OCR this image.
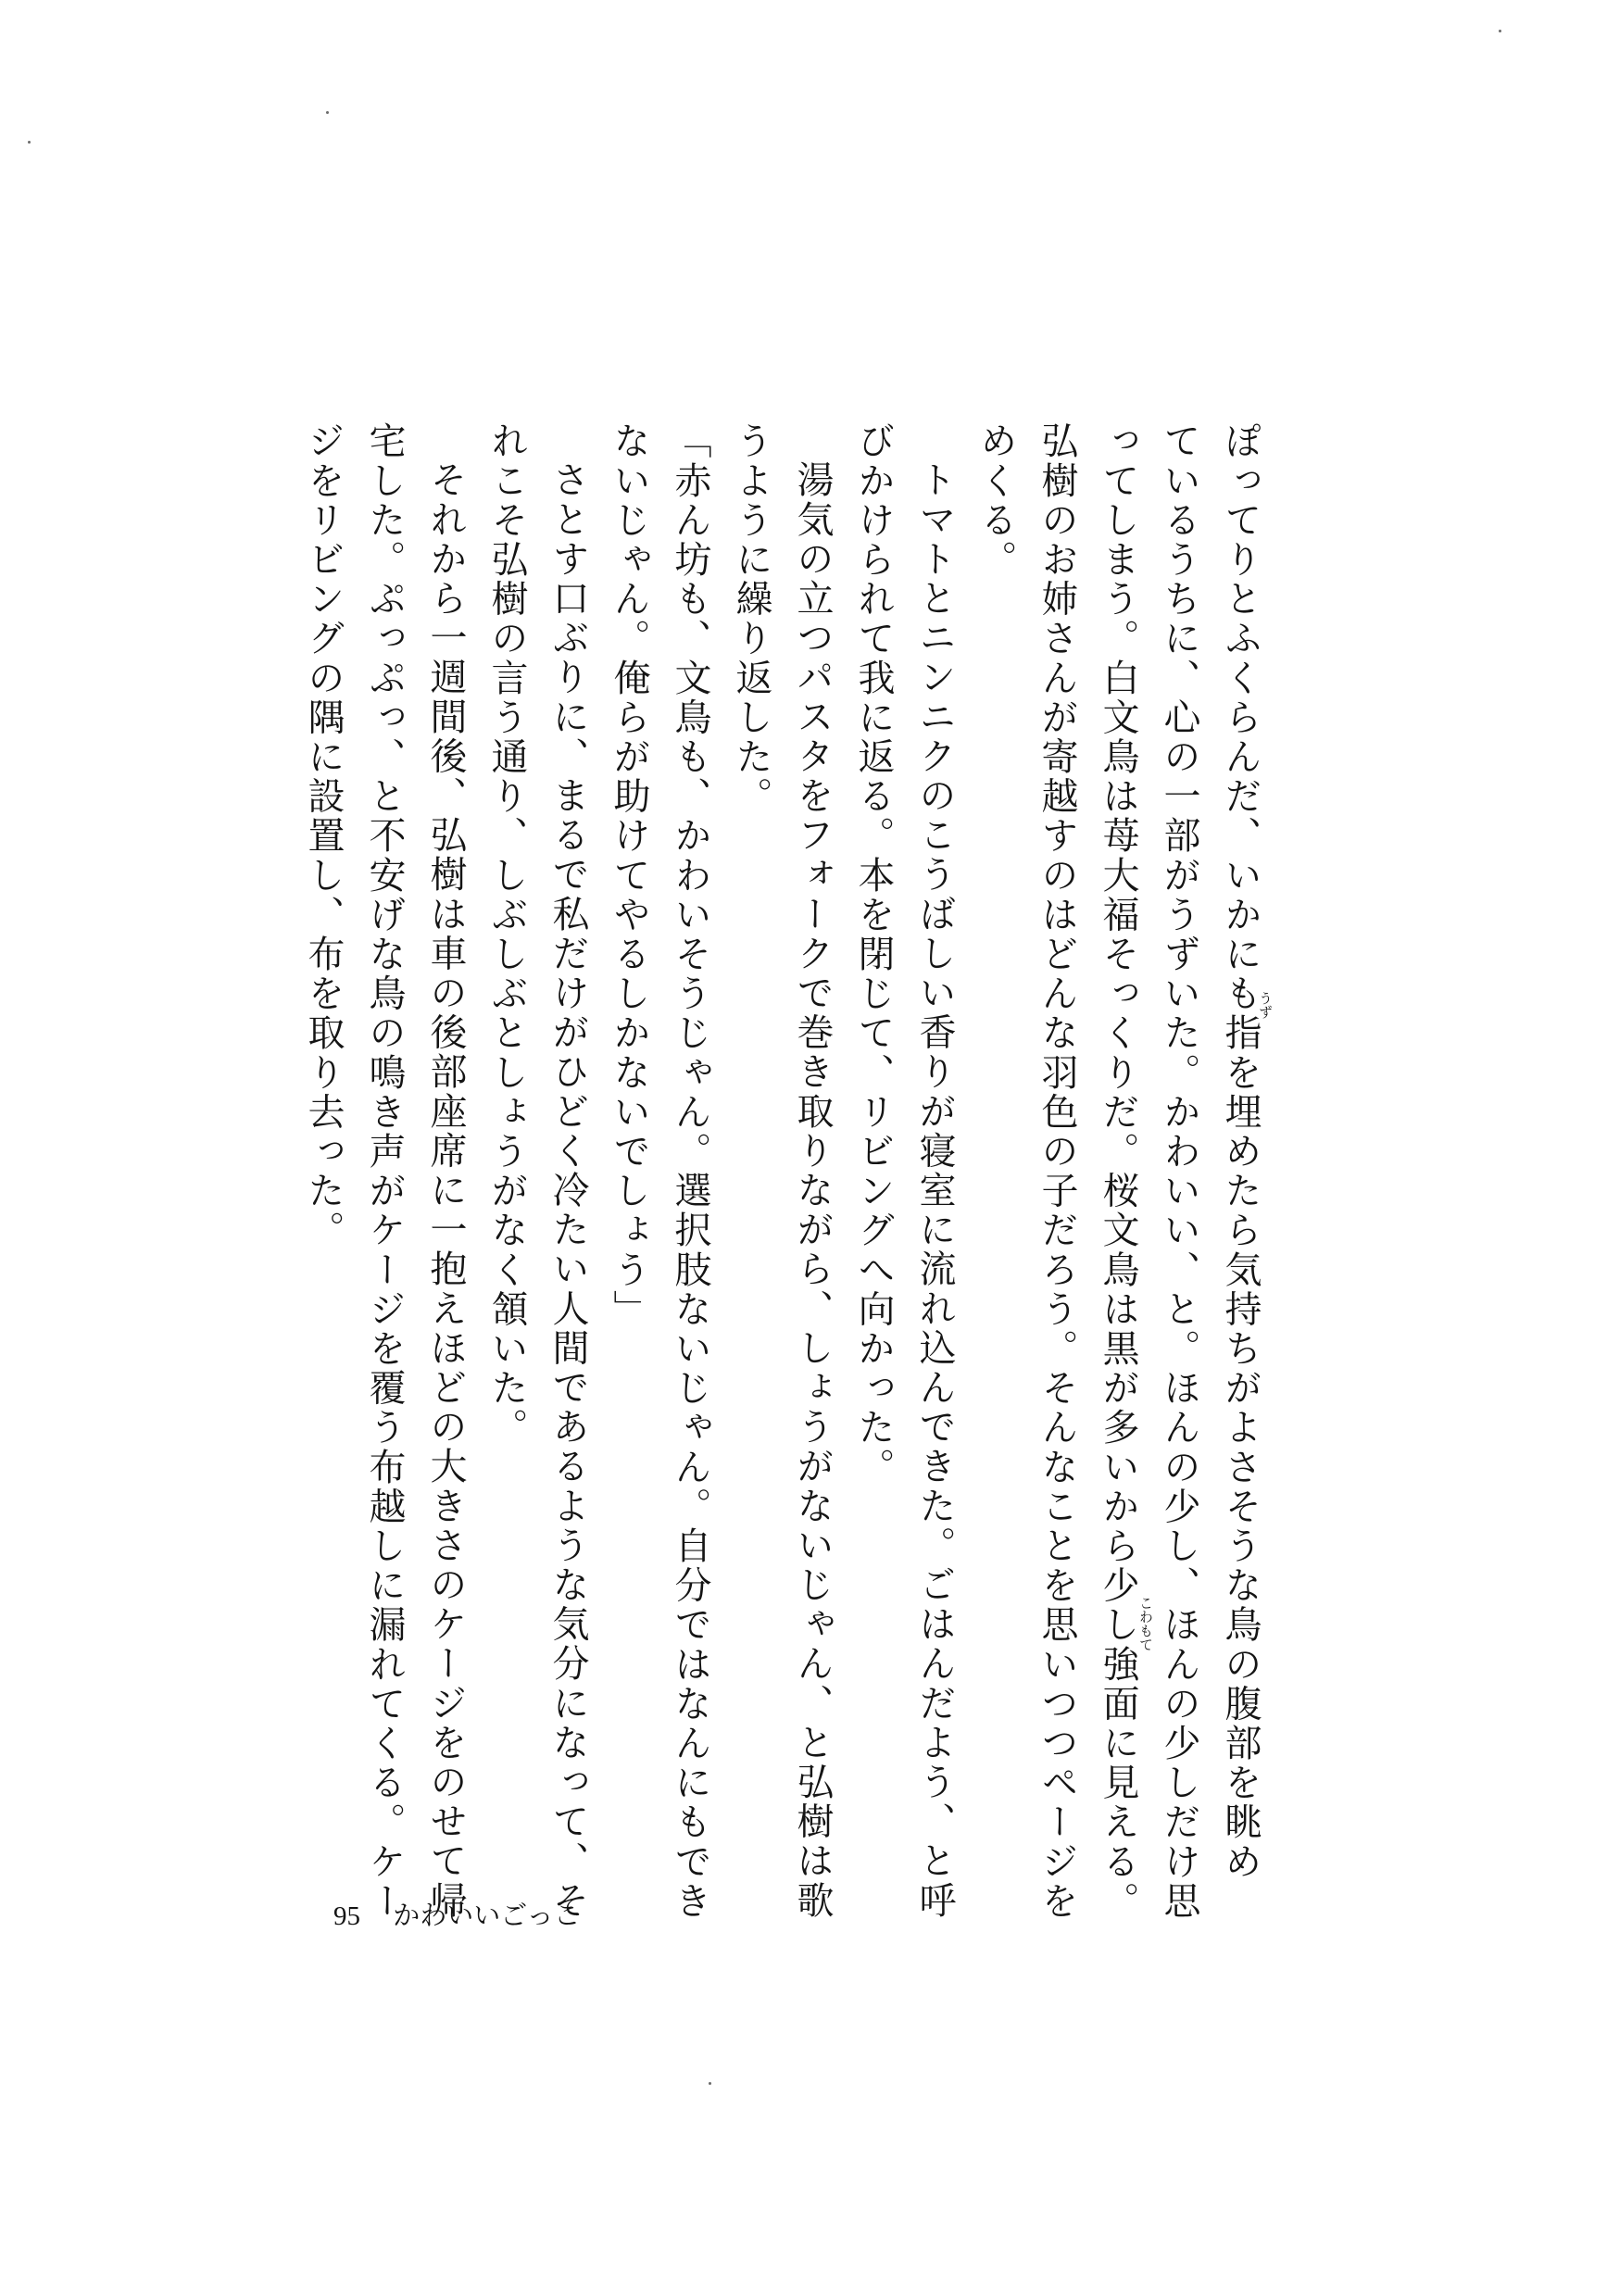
ぽってりとふくらんだ、いかにも指を埋めたら気持ちがよさそうな鳥の腹部を眺め
ているうちに、心の一部がうずいた。かわいい、と。ほんの少し、ほんの少しだけ思
ってしまう。白文鳥は苺大福そっくりだ。桜文鳥は黒が多いから少し強面に見える。
弘樹のお姉さんが寄越すのはどんな羽色の子だろう。そんなことを思いつつページを
めくる。
トマトとニンニクのこうばしい香りが寝室に流れ込んできた。ごはんだよう、と呼
びかけられて我に返る。本を閉じて、リビングへ向かった。
湯気の立つパスタをフォークで巻き取りながら、しょうがないじゃん、と弘樹は歌
うように繰り返した。
「赤ん坊も、文鳥も、かわいそうじゃん。選択肢ないじゃん。自分ではなんにもでき
ないじゃん。俺らが助けてやるしかないでしょう」
さとす口ぶりに、まるで私だけがひどく冷たい人間であるような気分になって、そ
れこそ弘樹の言う通り、しぶしぶとしょうがなく頷いた。
それから一週間後、弘樹は車の後部座席に一抱えほどの大きさのケージをのせて帰
宅した。ぷっぷっ、と不安げな鳥の鳴き声がケージを覆う布越しに漏れてくる。ケー
ジをリビングの隅に設置し、布を取り去った。	うず
こわもて
95 かわいいごっこ
